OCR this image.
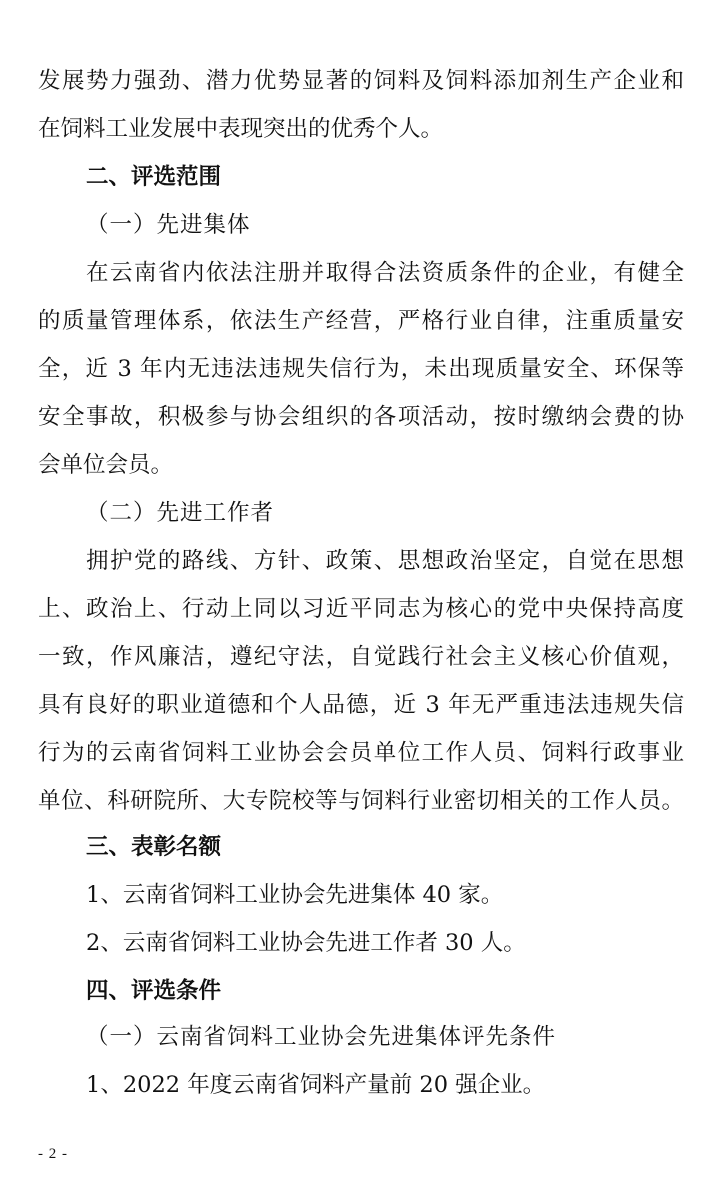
发展势力强劲、潜力优势显著的饲料及饲料添加剂生产企业和
在饲料工业发展中表现突出的优秀个人。
二、评选范围
（一）先进集体
在云南省内依法注册并取得合法资质条件的企业，有健全
的质量管理体系，依法生产经营，严格行业自律，注重质量安
全，近 3 年内无违法违规失信行为，未出现质量安全、环保等
安全事故，积极参与协会组织的各项活动，按时缴纳会费的协
会单位会员。
（二）先进工作者
拥护党的路线、方针、政策、思想政治坚定，自觉在思想
上、政治上、行动上同以习近平同志为核心的党中央保持高度
一致，作风廉洁，遵纪守法，自觉践行社会主义核心价值观，
具有良好的职业道德和个人品德，近 3 年无严重违法违规失信
行为的云南省饲料工业协会会员单位工作人员、饲料行政事业
单位、科研院所、大专院校等与饲料行业密切相关的工作人员。
三、表彰名额
1、云南省饲料工业协会先进集体 40 家。
2、云南省饲料工业协会先进工作者 30 人。
四、评选条件
（一）云南省饲料工业协会先进集体评先条件
1、2022 年度云南省饲料产量前 20 强企业。
- 2 -
